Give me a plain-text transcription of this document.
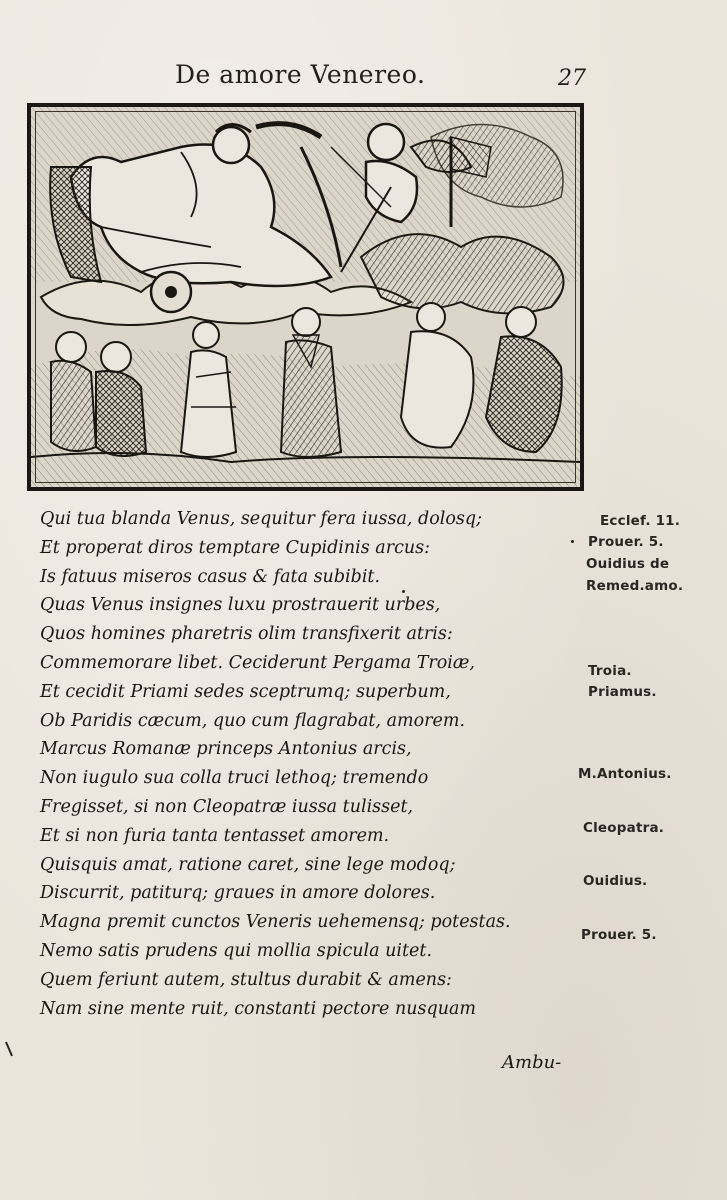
De amore Venereo.	27
Qui tua blanda Venus, sequitur fera iussa, dolosq;
Et properat diros temptare Cupidinis arcus:
Is fatuus miseros casus & fata subibit.
Quas Venus insignes luxu prostrauerit urbes,
Quos homines pharetris olim transfixerit atris:
Commemorare libet. Ceciderunt Pergama Troiæ,
Et cecidit Priami sedes sceptrumq; superbum,
Ob Paridis cæcum, quo cum flagrabat, amorem.
Marcus Romanæ princeps Antonius arcis,
Non iugulo sua colla truci lethoq; tremendo
Fregisset, si non Cleopatræ iussa tulisset,
Et si non furia tanta tentasset amorem.
Quisquis amat, ratione caret, sine lege modoq;
Discurrit, patiturq; graues in amore dolores.
Magna premit cunctos Veneris uehemensq; potestas.
Nemo satis prudens qui mollia spicula uitet.
Quem feriunt autem, stultus durabit & amens:
Nam sine mente ruit, constanti pectore nusquam
Ecclef. 11.
Prouer. 5.
Ouidius de
Remed.amo.
Troia.
Priamus.
M.Antonius.
Cleopatra.
Ouidius.
Prouer. 5.
Ambu-
